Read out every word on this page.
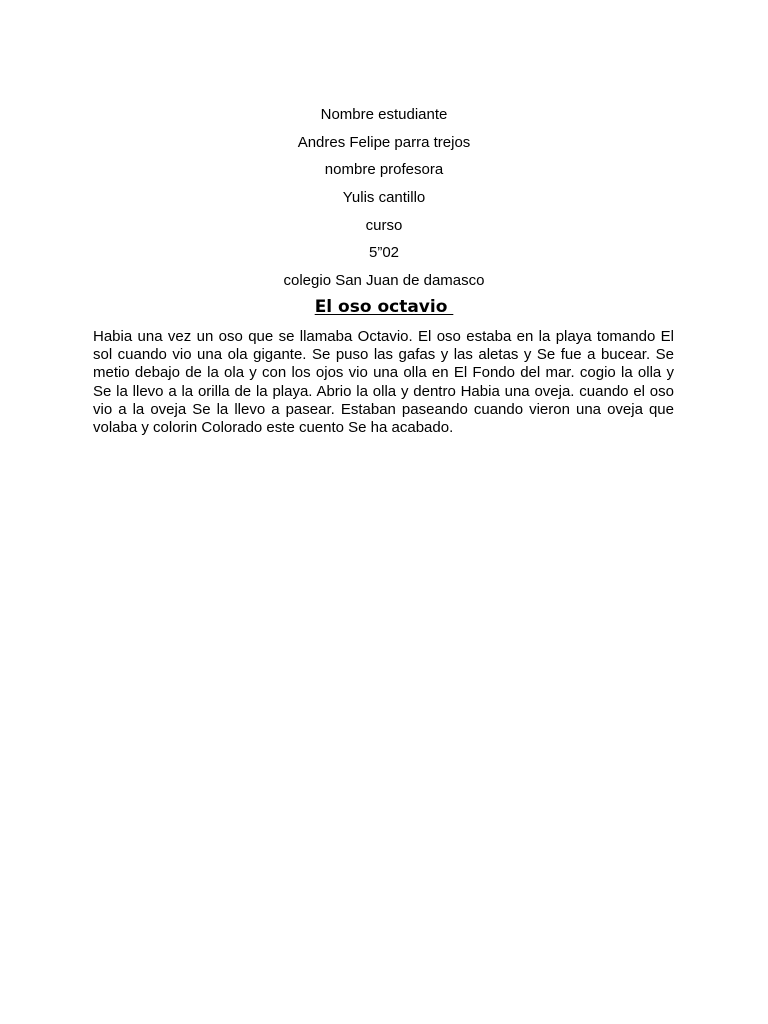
Nombre estudiante
Andres Felipe parra trejos
nombre profesora
Yulis cantillo
curso
5”02
colegio San Juan de damasco
El oso octavio

Habia una vez un oso que se llamaba Octavio. El oso estaba en la playa tomando El sol cuando vio una ola gigante. Se puso las gafas y las aletas y Se fue a bucear. Se metio debajo de la ola y con los ojos vio una olla en El Fondo del mar. cogio la olla y Se la llevo a la orilla de la playa. Abrio la olla y dentro Habia una oveja. cuando el oso vio a la oveja Se la llevo a pasear. Estaban paseando cuando vieron una oveja que volaba y colorin Colorado este cuento Se ha acabado.
